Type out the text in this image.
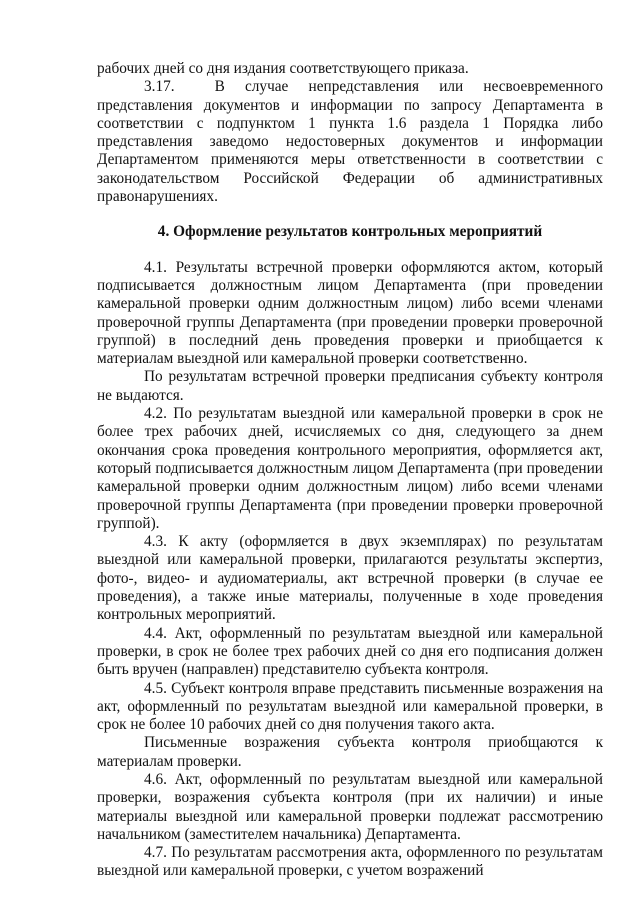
рабочих дней со дня издания соответствующего приказа.

3.17.	В случае непредставления или несвоевременного представления документов и информации по запросу Департамента в соответствии с подпунктом 1 пункта 1.6 раздела 1 Порядка либо представления заведомо недостоверных документов и информации Департаментом применяются меры ответственности в соответствии с законодательством Российской Федерации об административных правонарушениях.

4. Оформление результатов контрольных мероприятий

4.1. Результаты встречной проверки оформляются актом, который подписывается должностным лицом Департамента (при проведении камеральной проверки одним должностным лицом) либо всеми членами проверочной группы Департамента (при проведении проверки проверочной группой) в последний день проведения проверки и приобщается к материалам выездной или камеральной проверки соответственно.

По результатам встречной проверки предписания субъекту контроля не выдаются.

4.2. По результатам выездной или камеральной проверки в срок не более трех рабочих дней, исчисляемых со дня, следующего за днем окончания срока проведения контрольного мероприятия, оформляется акт, который подписывается должностным лицом Департамента (при проведении камеральной проверки одним должностным лицом) либо всеми членами проверочной группы Департамента (при проведении проверки проверочной группой).

4.3. К акту (оформляется в двух экземплярах) по результатам выездной или камеральной проверки, прилагаются результаты экспертиз, фото-, видео- и аудиоматериалы, акт встречной проверки (в случае ее проведения), а также иные материалы, полученные в ходе проведения контрольных мероприятий.

4.4. Акт, оформленный по результатам выездной или камеральной проверки, в срок не более трех рабочих дней со дня его подписания должен быть вручен (направлен) представителю субъекта контроля.

4.5. Субъект контроля вправе представить письменные возражения на акт, оформленный по результатам выездной или камеральной проверки, в срок не более 10 рабочих дней со дня получения такого акта.

Письменные возражения субъекта контроля приобщаются к материалам проверки.

4.6. Акт, оформленный по результатам выездной или камеральной проверки, возражения субъекта контроля (при их наличии) и иные материалы выездной или камеральной проверки подлежат рассмотрению начальником (заместителем начальника) Департамента.

4.7. По результатам рассмотрения акта, оформленного по результатам выездной или камеральной проверки, с учетом возражений
